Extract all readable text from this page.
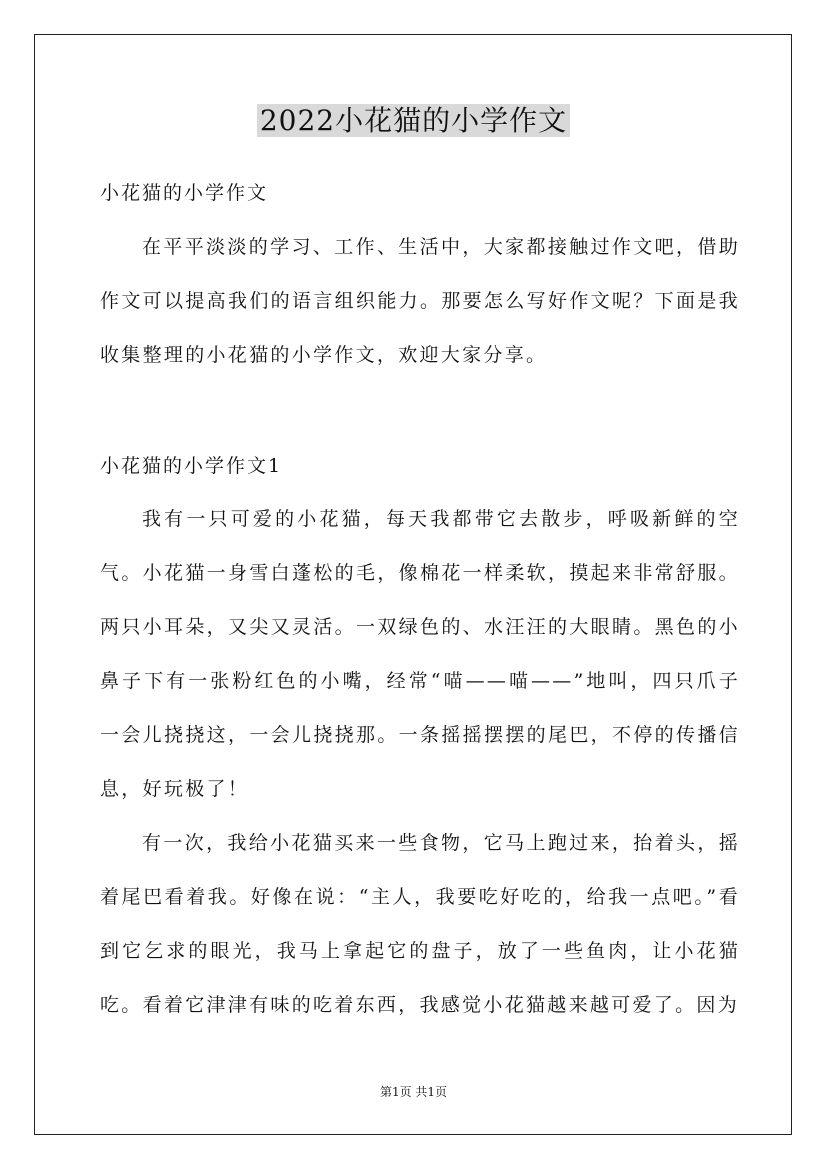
2022小花猫的小学作文
小花猫的小学作文

在平平淡淡的学习、工作、生活中，大家都接触过作文吧，借助作文可以提高我们的语言组织能力。那要怎么写好作文呢？下面是我收集整理的小花猫的小学作文，欢迎大家分享。

小花猫的小学作文1

我有一只可爱的小花猫，每天我都带它去散步，呼吸新鲜的空气。小花猫一身雪白蓬松的毛，像棉花一样柔软，摸起来非常舒服。两只小耳朵，又尖又灵活。一双绿色的、水汪汪的大眼睛。黑色的小鼻子下有一张粉红色的小嘴，经常“喵——喵——”地叫，四只爪子一会儿挠挠这，一会儿挠挠那。一条摇摇摆摆的尾巴，不停的传播信息，好玩极了！

有一次，我给小花猫买来一些食物，它马上跑过来，抬着头，摇着尾巴看着我。好像在说：“主人，我要吃好吃的，给我一点吧。”看到它乞求的眼光，我马上拿起它的盘子，放了一些鱼肉，让小花猫吃。看着它津津有味的吃着东西，我感觉小花猫越来越可爱了。因为

第1页 共1页
